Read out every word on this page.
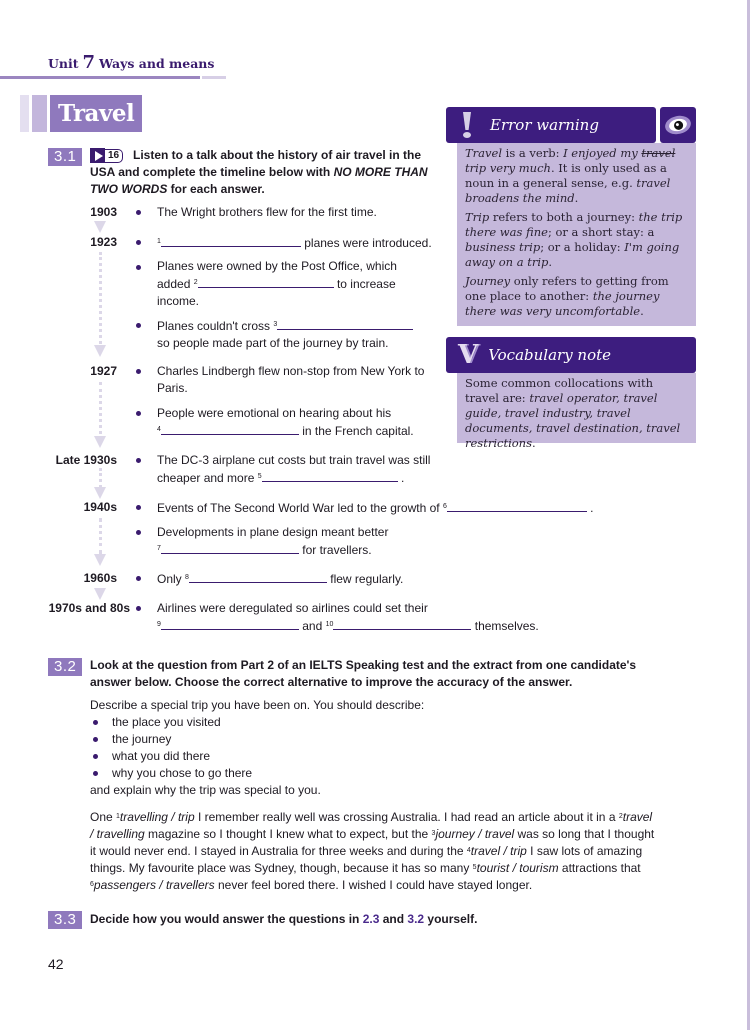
Unit 7 Ways and means
Travel
3.1	16	Listen to a talk about the history of air travel in the USA and complete the timeline below with NO MORE THAN TWO WORDS for each answer.
1903	The Wright brothers flew for the first time.
1923	$^1$	planes were introduced.
Planes were owned by the Post Office, which added $^2$	to increase income.
Planes couldn't cross $^3$
so people made part of the journey by train.
1927	Charles Lindbergh flew non-stop from New York to Paris.
People were emotional on hearing about his
$^4$	in the French capital.
Late 1930s	The DC-3 airplane cut costs but train travel was still cheaper and more $^5$	.
1940s	Events of The Second World War led to the growth of $^6$	.
Developments in plane design meant better
$^7$	for travellers.
1960s	Only $^8$	flew regularly.
1970s and 80s Airlines were deregulated so airlines could set their
$^9$	and $^{10}$	themselves.
Error warning

Travel is a verb: I enjoyed my travel trip very much. It is only used as a noun in a general sense, e.g. travel broadens the mind.

Trip refers to both a journey: the trip there was fine; or a short stay: a business trip; or a holiday: I'm going away on a trip.

Journey only refers to getting from one place to another: the journey there was very uncomfortable.

V Vocabulary note

Some common collocations with travel are: travel operator, travel guide, travel industry, travel documents, travel destination, travel restrictions.

3.2	Look at the question from Part 2 of an IELTS Speaking test and the extract from one candidate's answer below. Choose the correct alternative to improve the accuracy of the answer.
Describe a special trip you have been on. You should describe:
the place you visited
the journey
what you did there
why you chose to go there
and explain why the trip was special to you.
One $^1$travelling / trip I remember really well was crossing Australia. I had read an article about it in a $^2$travel / travelling magazine so I thought I knew what to expect, but the $^3$journey / travel was so long that I thought it would never end. I stayed in Australia for three weeks and during the $^4$travel / trip I saw lots of amazing things. My favourite place was Sydney, though, because it has so many $^5$tourist / tourism attractions that $^6$passengers / travellers never feel bored there. I wished I could have stayed longer.
3.3	Decide how you would answer the questions in 2.3 and 3.2 yourself.
42
